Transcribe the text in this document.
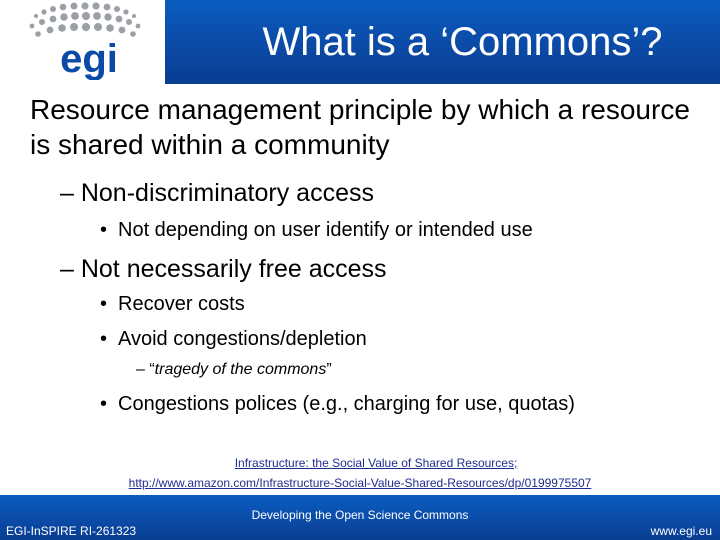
egi	What is a ‘Commons’?
Resource management principle by which a resource is shared within a community
– Non-discriminatory access
• Not depending on user identify or intended use
– Not necessarily free access
• Recover costs
• Avoid congestions/depletion
– “tragedy of the commons”
• Congestions polices (e.g., charging for use, quotas)
Infrastructure: the Social Value of Shared Resources;
http://www.amazon.com/Infrastructure-Social-Value-Shared-Resources/dp/0199975507
Developing the Open Science Commons
EGI-InSPIRE RI-261323	www.egi.eu
